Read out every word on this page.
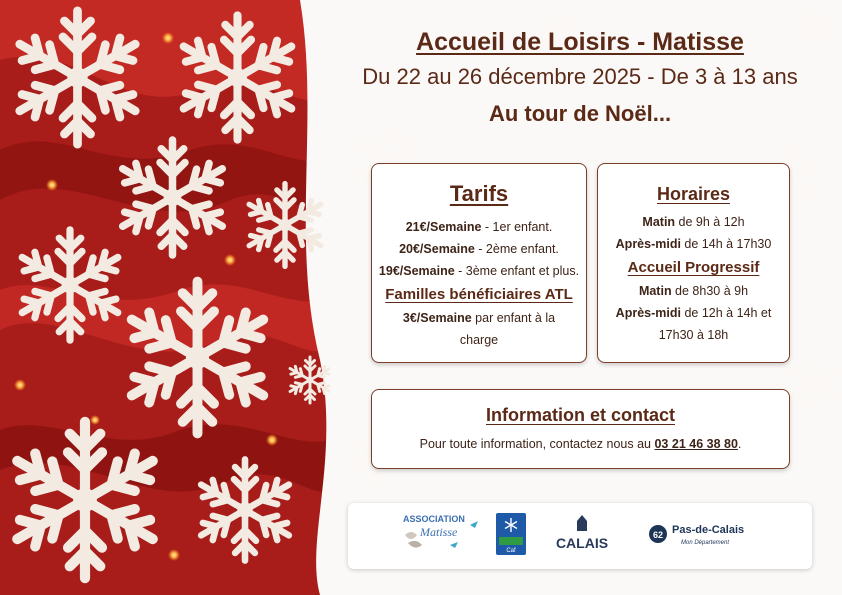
Accueil de Loisirs - Matisse
Du 22 au 26 décembre 2025 - De 3 à 13 ans
Au tour de Noël...
Tarifs
21€/Semaine - 1er enfant.
20€/Semaine - 2ème enfant.
19€/Semaine - 3ème enfant et plus.
Familles bénéficiaires ATL
3€/Semaine par enfant à la
charge
Horaires
Matin de 9h à 12h
Après-midi de 14h à 17h30
Accueil Progressif
Matin de 8h30 à 9h
Après-midi de 12h à 14h et
17h30 à 18h
Information et contact
Pour toute information, contactez nous au 03 21 46 38 80.
ASSOCIATION
Matisse
Caf	CALAIS	62 Pas-de-Calais
Mon Département
